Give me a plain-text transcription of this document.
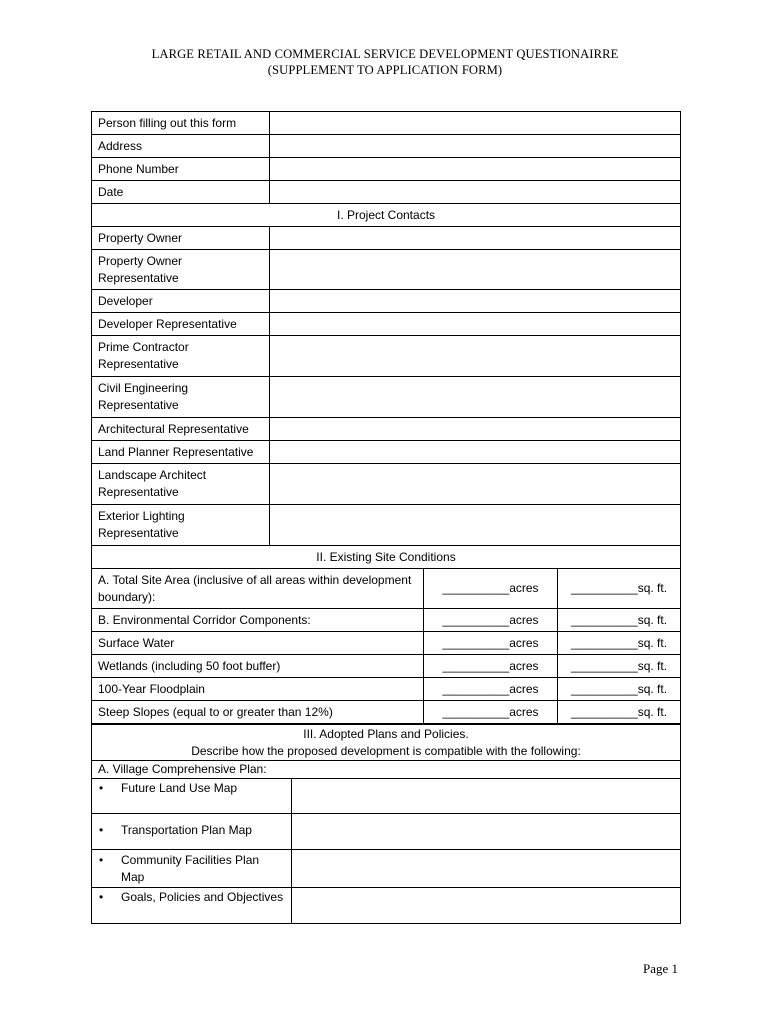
LARGE RETAIL AND COMMERCIAL SERVICE DEVELOPMENT QUESTIONAIRRE
(SUPPLEMENT TO APPLICATION FORM)
Person filling out this form			
Address			
Phone Number			
Date			
I. Project Contacts			
Property Owner			
Property Owner Representative			
Developer			
Developer Representative			
Prime Contractor Representative			
Civil Engineering Representative			
Architectural Representative			
Land Planner Representative			
Landscape Architect Representative			
Exterior Lighting Representative			
II. Existing Site Conditions			
A. Total Site Area (inclusive of all areas within development boundary):		__________acres	__________sq. ft.
B. Environmental Corridor Components:		__________acres	__________sq. ft.
Surface Water		__________acres	__________sq. ft.
Wetlands (including 50 foot buffer)		__________acres	__________sq. ft.
100-Year Floodplain		__________acres	__________sq. ft.
Steep Slopes (equal to or greater than 12%)		__________acres	__________sq. ft.
III. Adopted Plans and Policies.
Describe how the proposed development is compatible with the following:	

A. Village Comprehensive Plan:	

• Future Land Use Map	

• Transportation Plan Map	

• Community Facilities Plan Map	

• Goals, Policies and Objectives	

Page 1
